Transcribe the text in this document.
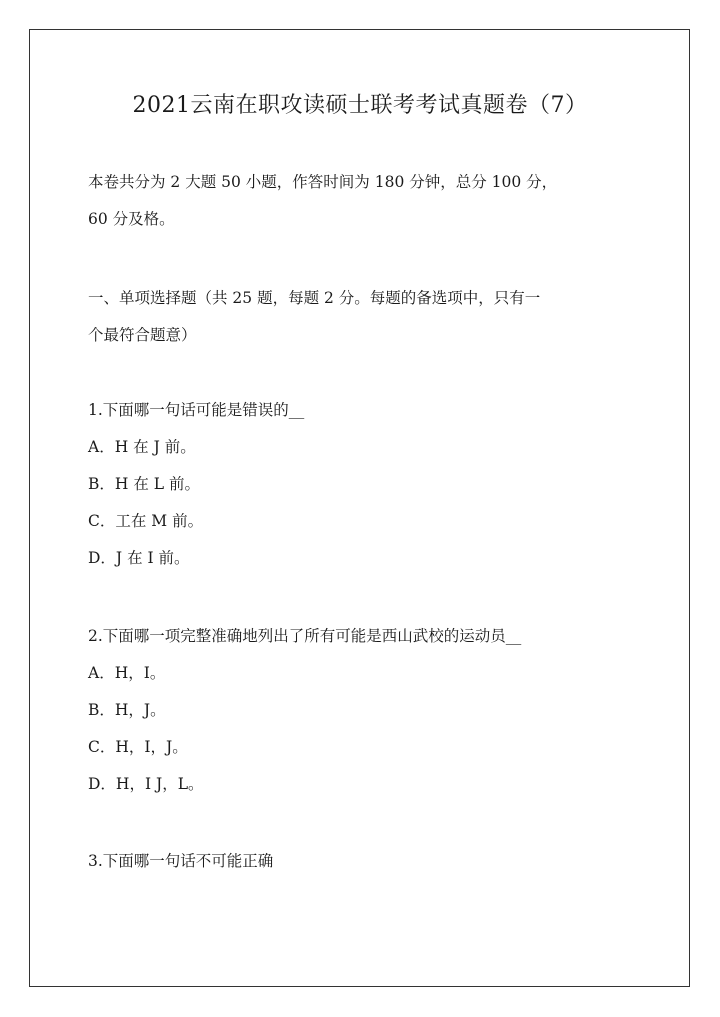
2021云南在职攻读硕士联考考试真题卷（7）
本卷共分为 2 大题 50 小题，作答时间为 180 分钟，总分 100 分，
60 分及格。
一、单项选择题（共 25 题，每题 2 分。每题的备选项中，只有一
个最符合题意）
1.下面哪一句话可能是错误的__
A．H 在 J 前。
B．H 在 L 前。
C．工在 M 前。
D．J 在 I 前。
2.下面哪一项完整准确地列出了所有可能是西山武校的运动员__
A．H，I。
B．H，J。
C．H，I，J。
D．H，I J，L。
3.下面哪一句话不可能正确
